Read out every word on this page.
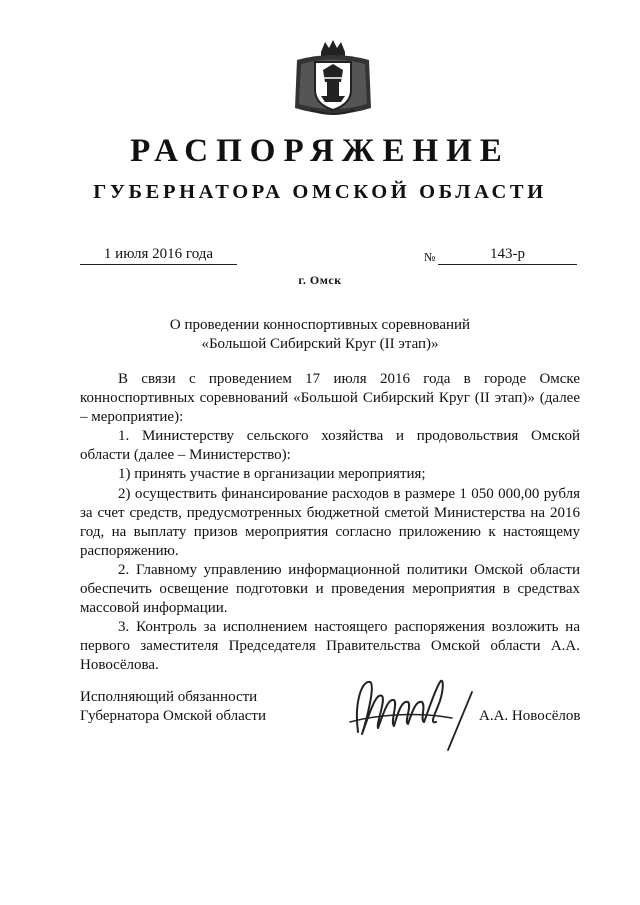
РАСПОРЯЖЕНИЕ
ГУБЕРНАТОРА ОМСКОЙ ОБЛАСТИ
1 июля 2016 года	№	143-р
г. Омск
О проведении конноспортивных соревнований
«Большой Сибирский Круг (II этап)»

В связи с проведением 17 июля 2016 года в городе Омске конноспортивных соревнований «Большой Сибирский Круг (II этап)» (далее – мероприятие):

1. Министерству сельского хозяйства и продовольствия Омской области (далее – Министерство):

1) принять участие в организации мероприятия;

2) осуществить финансирование расходов в размере 1 050 000,00 рубля за счет средств, предусмотренных бюджетной сметой Министерства на 2016 год, на выплату призов мероприятия согласно приложению к настоящему распоряжению.

2. Главному управлению информационной политики Омской области обеспечить освещение подготовки и проведения мероприятия в средствах массовой информации.

3. Контроль за исполнением настоящего распоряжения возложить на первого заместителя Председателя Правительства Омской области А.А. Новосёлова.

Исполняющий обязанности
Губернатора Омской области	А.А. Новосёлов
